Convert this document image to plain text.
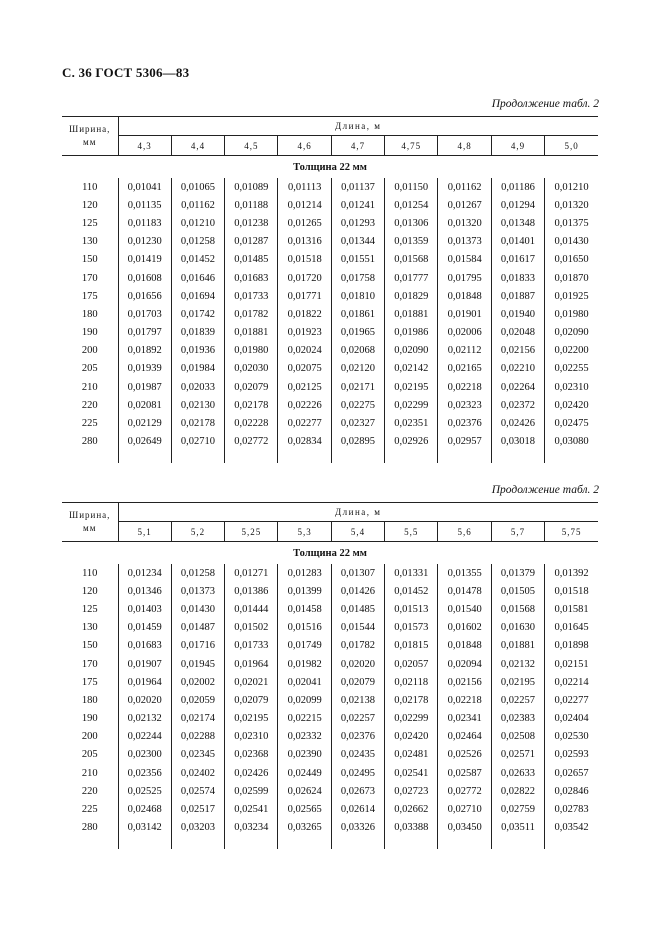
С. 36 ГОСТ 5306—83
Продолжение табл. 2
Ширина,
мм	Длина, м								
	4,3	4,4	4,5	4,6	4,7	4,75	4,8	4,9	5,0
Толщина 22 мм									
110	0,01041	0,01065	0,01089	0,01113	0,01137	0,01150	0,01162	0,01186	0,01210
120	0,01135	0,01162	0,01188	0,01214	0,01241	0,01254	0,01267	0,01294	0,01320
125	0,01183	0,01210	0,01238	0,01265	0,01293	0,01306	0,01320	0,01348	0,01375
130	0,01230	0,01258	0,01287	0,01316	0,01344	0,01359	0,01373	0,01401	0,01430
150	0,01419	0,01452	0,01485	0,01518	0,01551	0,01568	0,01584	0,01617	0,01650
170	0,01608	0,01646	0,01683	0,01720	0,01758	0,01777	0,01795	0,01833	0,01870
175	0,01656	0,01694	0,01733	0,01771	0,01810	0,01829	0,01848	0,01887	0,01925
180	0,01703	0,01742	0,01782	0,01822	0,01861	0,01881	0,01901	0,01940	0,01980
190	0,01797	0,01839	0,01881	0,01923	0,01965	0,01986	0,02006	0,02048	0,02090
200	0,01892	0,01936	0,01980	0,02024	0,02068	0,02090	0,02112	0,02156	0,02200
205	0,01939	0,01984	0,02030	0,02075	0,02120	0,02142	0,02165	0,02210	0,02255
210	0,01987	0,02033	0,02079	0,02125	0,02171	0,02195	0,02218	0,02264	0,02310
220	0,02081	0,02130	0,02178	0,02226	0,02275	0,02299	0,02323	0,02372	0,02420
225	0,02129	0,02178	0,02228	0,02277	0,02327	0,02351	0,02376	0,02426	0,02475
280	0,02649	0,02710	0,02772	0,02834	0,02895	0,02926	0,02957	0,03018	0,03080

Продолжение табл. 2
Ширина,
мм	Длина, м								
	5,1	5,2	5,25	5,3	5,4	5,5	5,6	5,7	5,75
Толщина 22 мм									
110	0,01234	0,01258	0,01271	0,01283	0,01307	0,01331	0,01355	0,01379	0,01392
120	0,01346	0,01373	0,01386	0,01399	0,01426	0,01452	0,01478	0,01505	0,01518
125	0,01403	0,01430	0,01444	0,01458	0,01485	0,01513	0,01540	0,01568	0,01581
130	0,01459	0,01487	0,01502	0,01516	0,01544	0,01573	0,01602	0,01630	0,01645
150	0,01683	0,01716	0,01733	0,01749	0,01782	0,01815	0,01848	0,01881	0,01898
170	0,01907	0,01945	0,01964	0,01982	0,02020	0,02057	0,02094	0,02132	0,02151
175	0,01964	0,02002	0,02021	0,02041	0,02079	0,02118	0,02156	0,02195	0,02214
180	0,02020	0,02059	0,02079	0,02099	0,02138	0,02178	0,02218	0,02257	0,02277
190	0,02132	0,02174	0,02195	0,02215	0,02257	0,02299	0,02341	0,02383	0,02404
200	0,02244	0,02288	0,02310	0,02332	0,02376	0,02420	0,02464	0,02508	0,02530
205	0,02300	0,02345	0,02368	0,02390	0,02435	0,02481	0,02526	0,02571	0,02593
210	0,02356	0,02402	0,02426	0,02449	0,02495	0,02541	0,02587	0,02633	0,02657
220	0,02525	0,02574	0,02599	0,02624	0,02673	0,02723	0,02772	0,02822	0,02846
225	0,02468	0,02517	0,02541	0,02565	0,02614	0,02662	0,02710	0,02759	0,02783
280	0,03142	0,03203	0,03234	0,03265	0,03326	0,03388	0,03450	0,03511	0,03542
